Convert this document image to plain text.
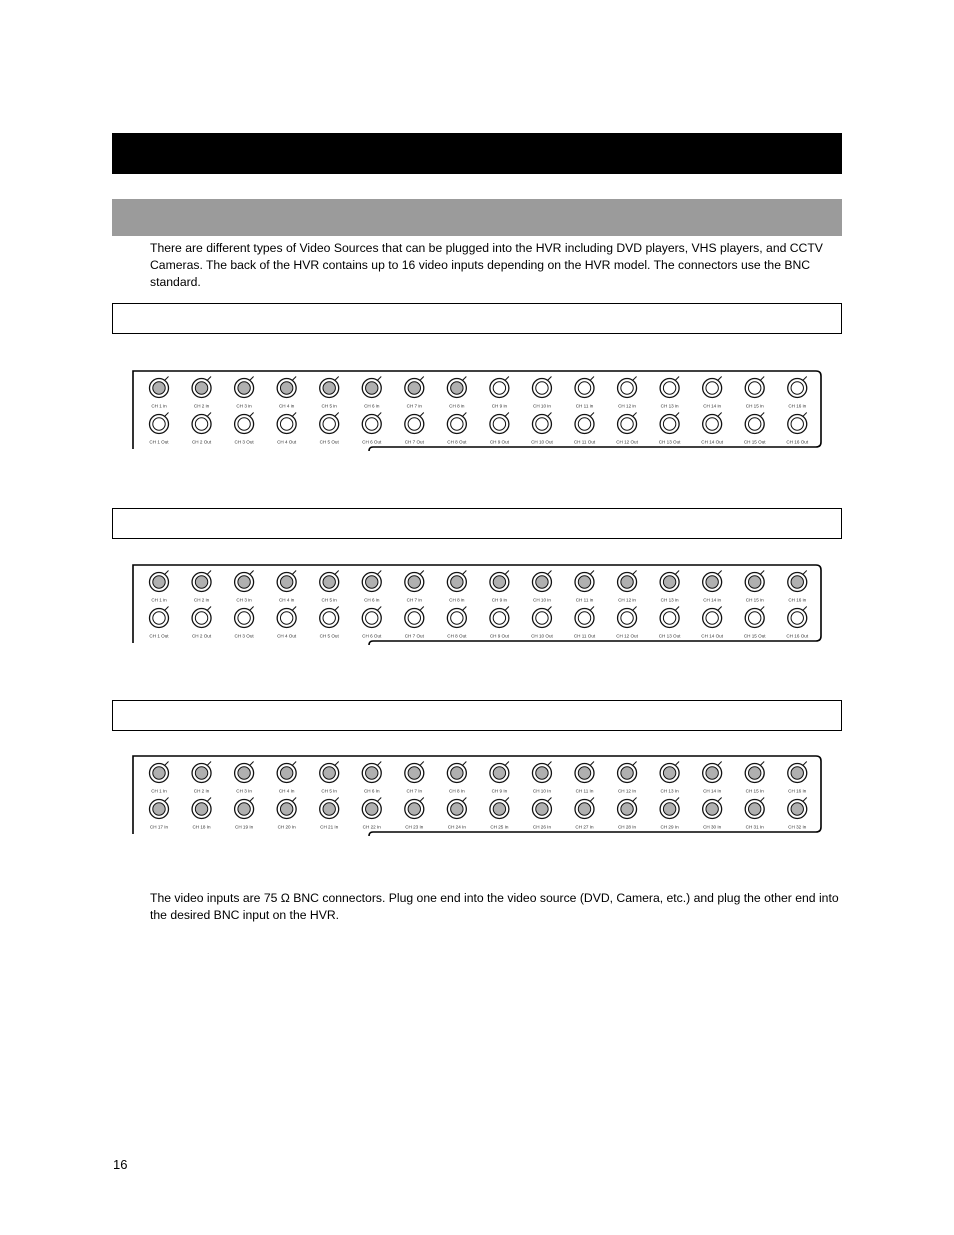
There are different types of Video Sources that can be plugged into the HVR including DVD players, VHS players, and CCTV Cameras. The back of the HVR contains up to 16 video inputs depending on the HVR model. The connectors use the BNC standard.

CH 1 in	CH 2 in	CH 3 in	CH 4 in	CH 5 in	CH 6 in	CH 7 in	CH 8 in	CH 9 in	CH 10 in	CH 11 in	CH 12 in	CH 13 in	CH 14 in	CH 15 in	CH 16 in
CH 1 Out	CH 2 Out	CH 3 Out	CH 4 Out	CH 5 Out	CH 6 Out	CH 7 Out	CH 8 Out	CH 9 Out	CH 10 Out	CH 11 Out	CH 12 Out	CH 13 Out	CH 14 Out	CH 15 Out	CH 16 Out
CH 1 in	CH 2 in	CH 3 in	CH 4 in	CH 5 in	CH 6 in	CH 7 in	CH 8 in	CH 9 in	CH 10 in	CH 11 in	CH 12 in	CH 13 in	CH 14 in	CH 15 in	CH 16 in
CH 1 Out	CH 2 Out	CH 3 Out	CH 4 Out	CH 5 Out	CH 6 Out	CH 7 Out	CH 8 Out	CH 9 Out	CH 10 Out	CH 11 Out	CH 12 Out	CH 13 Out	CH 14 Out	CH 15 Out	CH 16 Out
CH 1 In	CH 2 In	CH 3 In	CH 4 In	CH 5 In	CH 6 In	CH 7 In	CH 8 In	CH 9 In	CH 10 In	CH 11 In	CH 12 In	CH 13 In	CH 14 In	CH 15 In	CH 16 In
CH 17 In	CH 18 In	CH 19 In	CH 20 In	CH 21 In	CH 22 In	CH 23 In	CH 24 In	CH 25 In	CH 26 In	CH 27 In	CH 28 In	CH 29 In	CH 30 In	CH 31 In	CH 32 In

The video inputs are 75 Ω BNC connectors. Plug one end into the video source (DVD, Camera, etc.) and plug the other end into the desired BNC input on the HVR.

16
